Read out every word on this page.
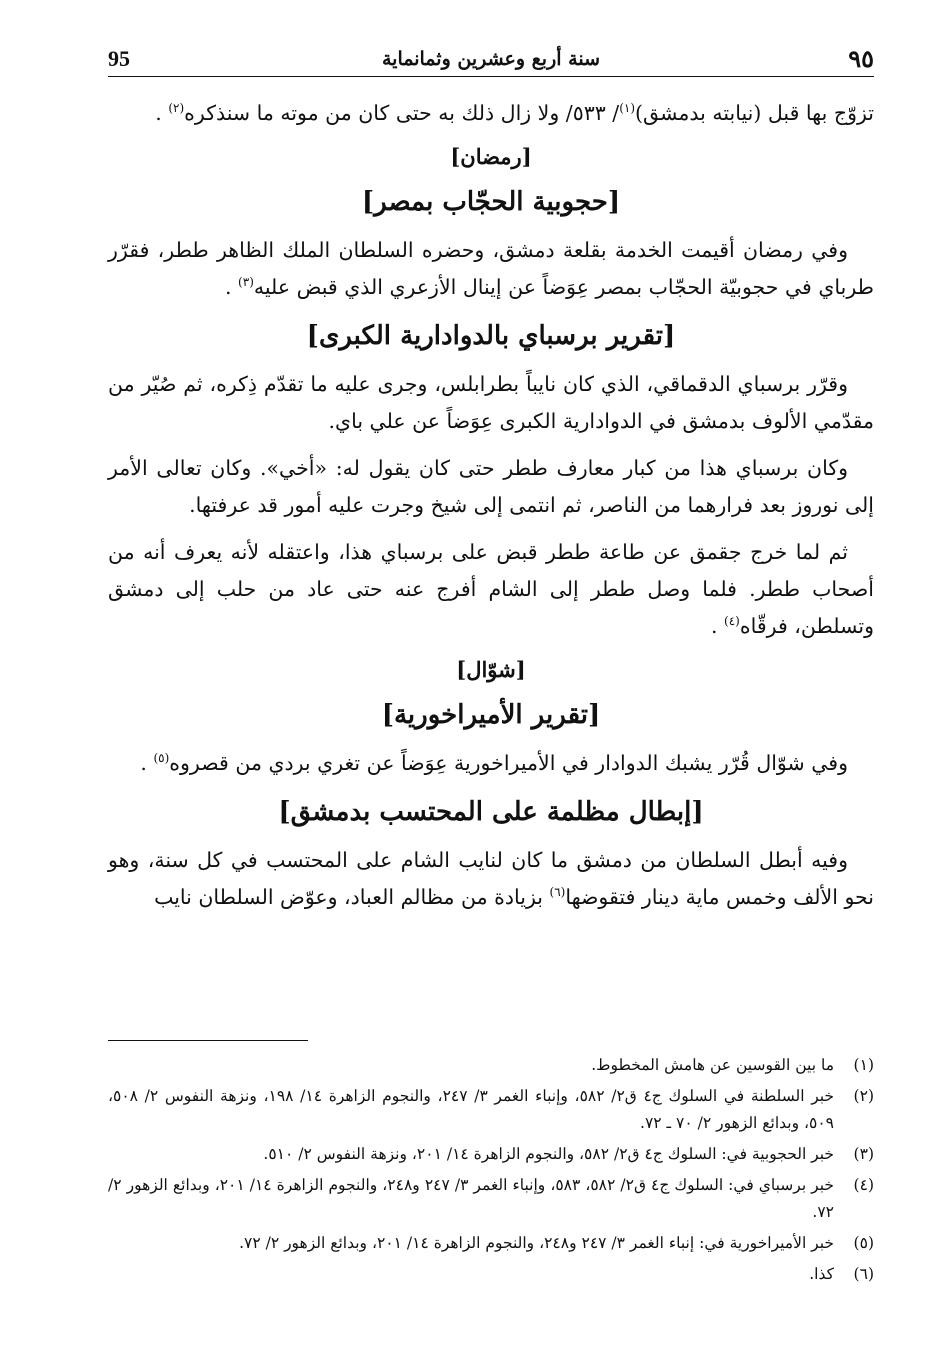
٩٥
سنة أربع وعشرين وثمانماية
95

تزوّج بها قبل (نيابته بدمشق)$^{(١)}$/ ٥٣٣/ ولا زال ذلك به حتى كان من موته ما سنذكره$^{(٢)}$ .

[رمضان]
[حجوبية الحجّاب بمصر]

وفي رمضان أقيمت الخدمة بقلعة دمشق، وحضره السلطان الملك الظاهر ططر، فقرّر طرباي في حجوبيّة الحجّاب بمصر عِوَضاً عن إينال الأزعري الذي قبض عليه$^{(٣)}$ .

[تقرير برسباي بالدوادارية الكبرى]

وقرّر برسباي الدقماقي، الذي كان نايباً بطرابلس، وجرى عليه ما تقدّم ذِكره، ثم صُيّر من مقدّمي الألوف بدمشق في الدوادارية الكبرى عِوَضاً عن علي باي.

وكان برسباي هذا من كبار معارف ططر حتى كان يقول له: «أخي». وكان تعالى الأمر إلى نوروز بعد فرارهما من الناصر، ثم انتمى إلى شيخ وجرت عليه أمور قد عرفتها.

ثم لما خرج جقمق عن طاعة ططر قبض على برسباي هذا، واعتقله لأنه يعرف أنه من أصحاب ططر. فلما وصل ططر إلى الشام أفرج عنه حتى عاد من حلب إلى دمشق وتسلطن، فرقّاه$^{(٤)}$ .

[شوّال]
[تقرير الأميراخورية]

وفي شوّال قُرّر يشبك الدوادار في الأميراخورية عِوَضاً عن تغري بردي من قصروه$^{(٥)}$ .

[إبطال مظلمة على المحتسب بدمشق]

وفيه أبطل السلطان من دمشق ما كان لنايب الشام على المحتسب في كل سنة، وهو نحو الألف وخمس ماية دينار فتقوضها$^{(٦)}$ بزيادة من مظالم العباد، وعوّض السلطان نايب

(١)
ما بين القوسين عن هامش المخطوط.
(٢)
خبر السلطنة في السلوك ج٤ ق٢/ ٥٨٢، وإنباء الغمر ٣/ ٢٤٧، والنجوم الزاهرة ١٤/ ١٩٨، ونزهة النفوس ٢/ ٥٠٨، ٥٠٩، وبدائع الزهور ٢/ ٧٠ ـ ٧٢.
(٣)
خبر الحجوبية في: السلوك ج٤ ق٢/ ٥٨٢، والنجوم الزاهرة ١٤/ ٢٠١، ونزهة النفوس ٢/ ٥١٠.
(٤)
خبر برسباي في: السلوك ج٤ ق٢/ ٥٨٢، ٥٨٣، وإنباء الغمر ٣/ ٢٤٧ و٢٤٨، والنجوم الزاهرة ١٤/ ٢٠١، وبدائع الزهور ٢/ ٧٢.
(٥)
خبر الأميراخورية في: إنباء الغمر ٣/ ٢٤٧ و٢٤٨، والنجوم الزاهرة ١٤/ ٢٠١، وبدائع الزهور ٢/ ٧٢.
(٦)
كذا.
